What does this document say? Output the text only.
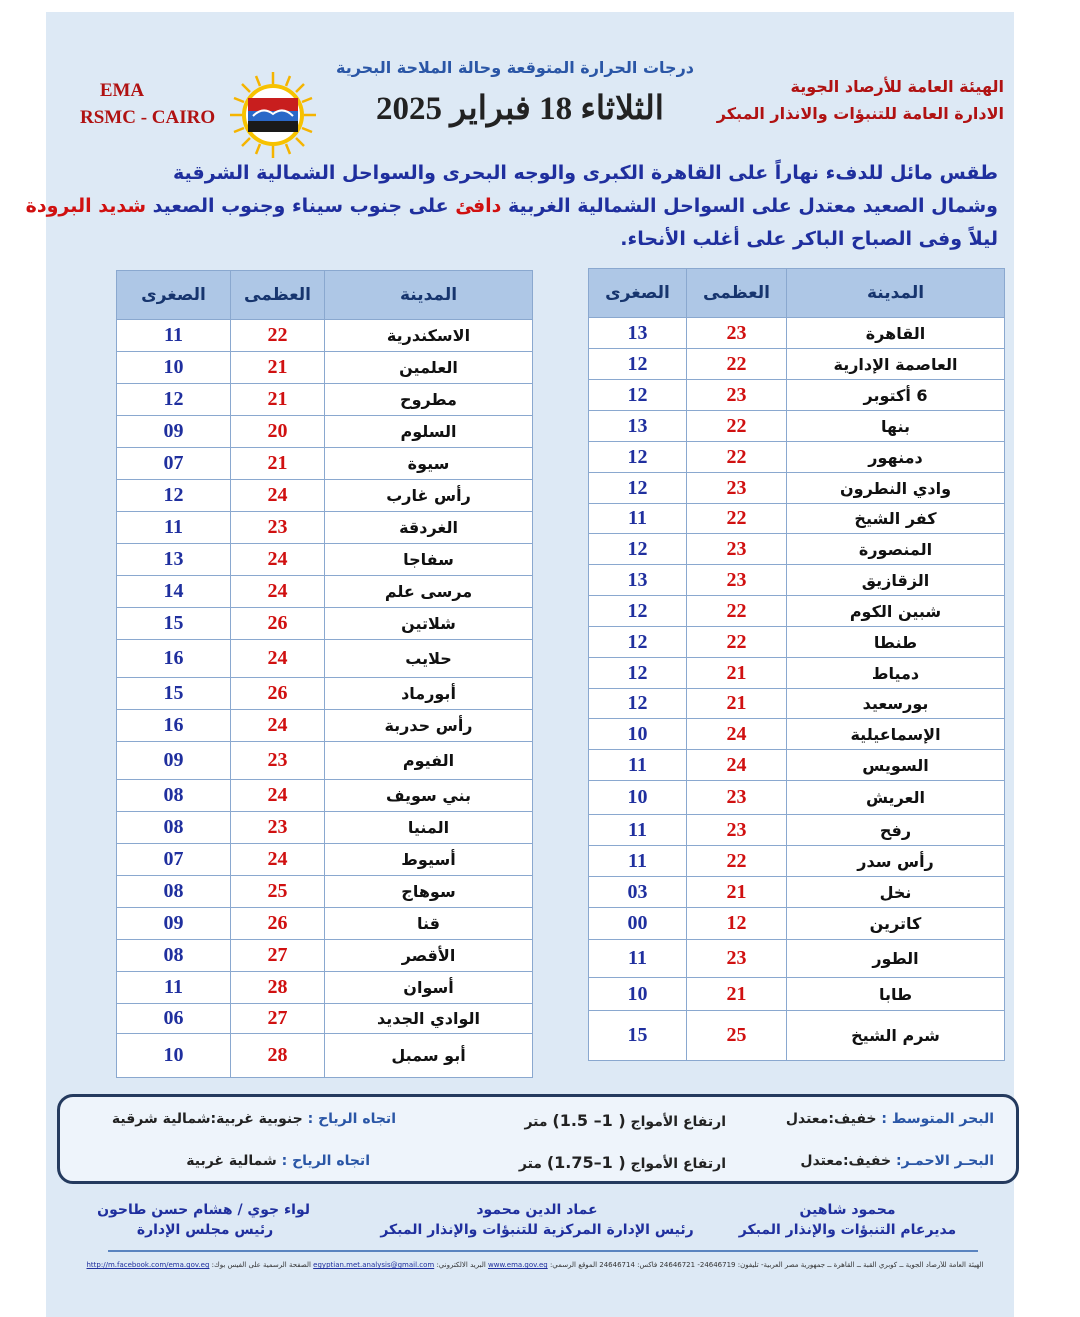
EMA
RSMC - CAIRO
درجات الحرارة المتوقعة وحالة الملاحة البحرية
الثلاثاء 18 فبراير 2025
الهيئة العامة للأرصاد الجوية
الادارة العامة للتنبؤات والانذار المبكر
طقس مائل للدفء نهاراً على القاهرة الكبرى والوجه البحرى والسواحل الشمالية الشرقية
وشمال الصعيد معتدل على السواحل الشمالية الغربية دافئ على جنوب سيناء وجنوب الصعيد شديد البرودة
ليلاً وفى الصباح الباكر على أغلب الأنحاء.
المدينة	العظمى	الصغرى
القاهرة	23	13
العاصمة الإدارية	22	12
6 أكتوبر	23	12
بنها	22	13
دمنهور	22	12
وادي النطرون	23	12
كفر الشيخ	22	11
المنصورة	23	12
الزقازيق	23	13
شبين الكوم	22	12
طنطا	22	12
دمياط	21	12
بورسعيد	21	12
الإسماعيلية	24	10
السويس	24	11
العريش	23	10
رفح	23	11
رأس سدر	22	11
نخل	21	03
كاترين	12	00
الطور	23	11
طابا	21	10
شرم الشيخ	25	15
المدينة	العظمى	الصغرى
الاسكندرية	22	11
العلمين	21	10
مطروح	21	12
السلوم	20	09
سيوة	21	07
رأس غارب	24	12
الغردقة	23	11
سفاجا	24	13
مرسى علم	24	14
شلاتين	26	15
حلايب	24	16
أبورماد	26	15
رأس حدربة	24	16
الفيوم	23	09
بني سويف	24	08
المنيا	23	08
أسيوط	24	07
سوهاج	25	08
قنا	26	09
الأقصر	27	08
أسوان	28	11
الوادي الجديد	27	06
أبو سمبل	28	10
البحر المتوسط : خفيف:معتدل
ارتفاع الأمواج ( 1– 1.5) متر
اتجاه الرياح : جنوبية غربية:شمالية شرقية
البحـر الاحمـر: خفيف:معتدل
ارتفاع الأمواج ( 1–1.75) متر
اتجاه الرياح : شمالية غربية
محمود شاهين
مديرعام التنبؤات والإنذار المبكر
عماد الدين محمود
رئيس الإدارة المركزية للتنبؤات والإنذار المبكر
لواء جوي / هشام حسن طاحون
رئيس مجلس الإدارة
الهيئة العامة للأرصاد الجوية ــ كوبري القبة ــ القاهرة ــ جمهورية مصر العربية- تليفون: 24646719- 24646721 فاكس: 24646714 الموقع الرسمي: www.ema.gov.eg البريد الالكتروني: egyptian.met.analysis@gmail.com الصفحة الرسمية على الفيس بوك: http://m.facebook.com/ema.gov.eg
